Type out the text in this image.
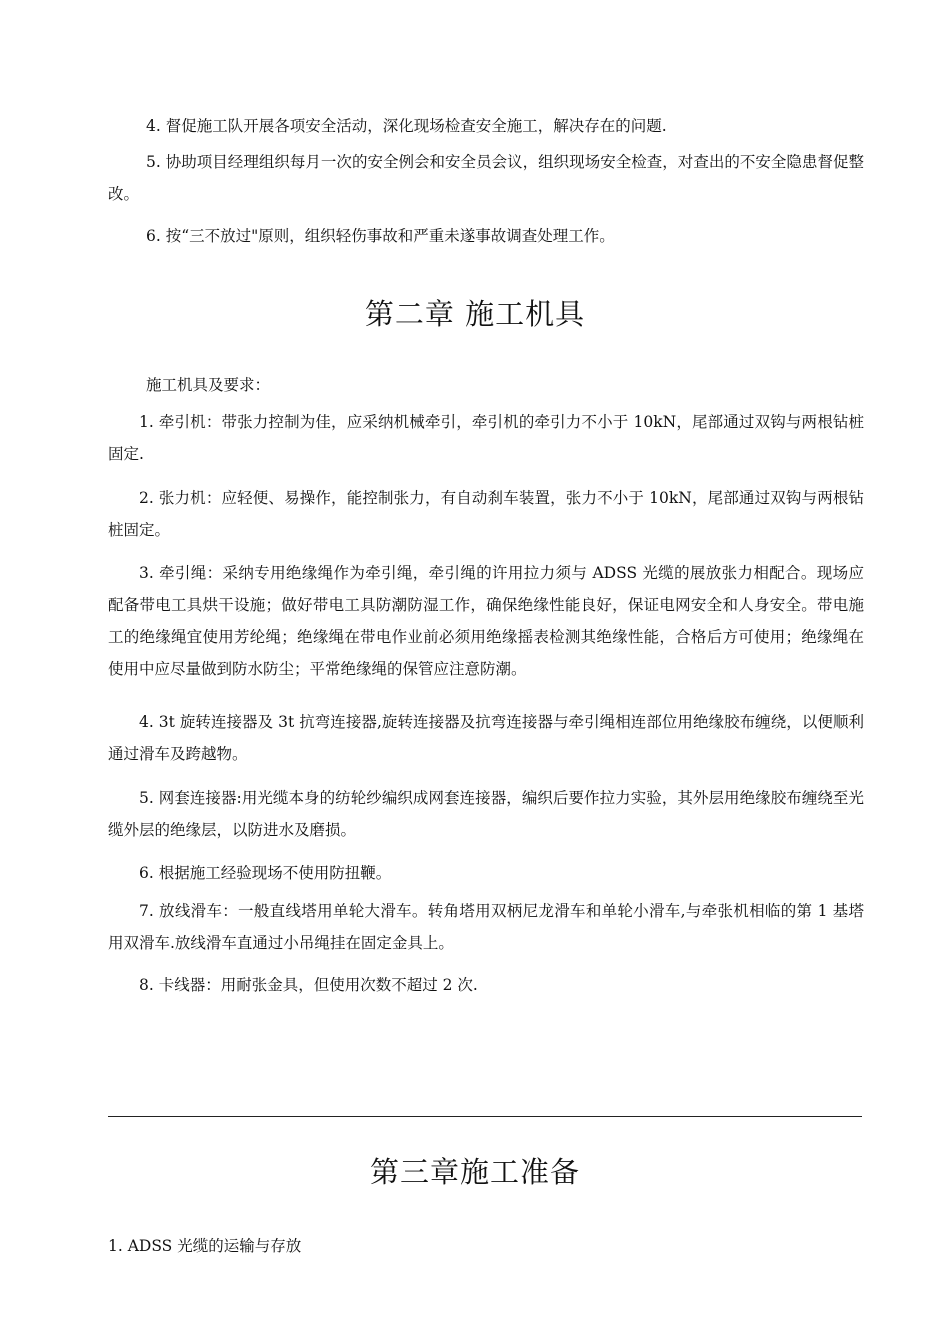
4. 督促施工队开展各项安全活动，深化现场检查安全施工，解决存在的问题.

5. 协助项目经理组织每月一次的安全例会和安全员会议，组织现场安全检查，对查出的不安全隐患督促整改。

6. 按“三不放过"原则，组织轻伤事故和严重未遂事故调查处理工作。

第二章 施工机具

施工机具及要求：

1. 牵引机：带张力控制为佳，应采纳机械牵引，牵引机的牵引力不小于 10kN，尾部通过双钩与两根钻桩固定.

2. 张力机：应轻便、易操作，能控制张力，有自动刹车装置，张力不小于 10kN，尾部通过双钩与两根钻桩固定。

3. 牵引绳：采纳专用绝缘绳作为牵引绳，牵引绳的许用拉力须与 ADSS 光缆的展放张力相配合。现场应配备带电工具烘干设施；做好带电工具防潮防湿工作，确保绝缘性能良好，保证电网安全和人身安全。带电施工的绝缘绳宜使用芳纶绳；绝缘绳在带电作业前必须用绝缘摇表检测其绝缘性能，合格后方可使用；绝缘绳在使用中应尽量做到防水防尘；平常绝缘绳的保管应注意防潮。

4. 3t 旋转连接器及 3t 抗弯连接器,旋转连接器及抗弯连接器与牵引绳相连部位用绝缘胶布缠绕，以便顺利通过滑车及跨越物。

5. 网套连接器:用光缆本身的纺轮纱编织成网套连接器，编织后要作拉力实验，其外层用绝缘胶布缠绕至光缆外层的绝缘层，以防进水及磨损。

6. 根据施工经验现场不使用防扭鞭。

7. 放线滑车：一般直线塔用单轮大滑车。转角塔用双柄尼龙滑车和单轮小滑车,与牵张机相临的第 1 基塔用双滑车.放线滑车直通过小吊绳挂在固定金具上。

8. 卡线器：用耐张金具，但使用次数不超过 2 次.

第三章施工准备

1. ADSS 光缆的运输与存放
